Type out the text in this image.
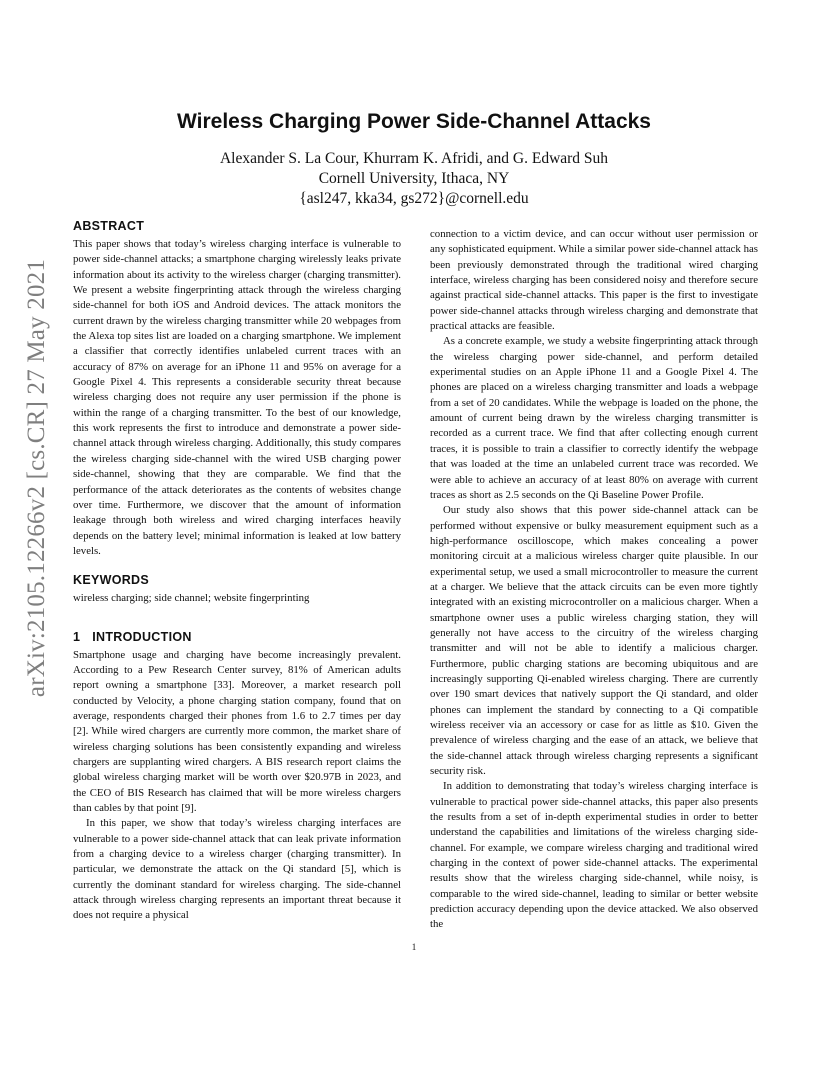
arXiv:2105.12266v2 [cs.CR] 27 May 2021
Wireless Charging Power Side-Channel Attacks
Alexander S. La Cour, Khurram K. Afridi, and G. Edward Suh
Cornell University, Ithaca, NY
{asl247, kka34, gs272}@cornell.edu
ABSTRACT

This paper shows that today’s wireless charging interface is vulnerable to power side-channel attacks; a smartphone charging wirelessly leaks private information about its activity to the wireless charger (charging transmitter). We present a website fingerprinting attack through the wireless charging side-channel for both iOS and Android devices. The attack monitors the current drawn by the wireless charging transmitter while 20 webpages from the Alexa top sites list are loaded on a charging smartphone. We implement a classifier that correctly identifies unlabeled current traces with an accuracy of 87% on average for an iPhone 11 and 95% on average for a Google Pixel 4. This represents a considerable security threat because wireless charging does not require any user permission if the phone is within the range of a charging transmitter. To the best of our knowledge, this work represents the first to introduce and demonstrate a power side-channel attack through wireless charging. Additionally, this study compares the wireless charging side-channel with the wired USB charging power side-channel, showing that they are comparable. We find that the performance of the attack deteriorates as the contents of websites change over time. Furthermore, we discover that the amount of information leakage through both wireless and wired charging interfaces heavily depends on the battery level; minimal information is leaked at low battery levels.

KEYWORDS

wireless charging; side channel; website fingerprinting

1 INTRODUCTION

Smartphone usage and charging have become increasingly prevalent. According to a Pew Research Center survey, 81% of American adults report owning a smartphone [33]. Moreover, a market research poll conducted by Velocity, a phone charging station company, found that on average, respondents charged their phones from 1.6 to 2.7 times per day [2]. While wired chargers are currently more common, the market share of wireless charging solutions has been consistently expanding and wireless chargers are supplanting wired chargers. A BIS research report claims the global wireless charging market will be worth over $20.97B in 2023, and the CEO of BIS Research has claimed that will be more wireless chargers than cables by that point [9].

In this paper, we show that today’s wireless charging interfaces are vulnerable to a power side-channel attack that can leak private information from a charging device to a wireless charger (charging transmitter). In particular, we demonstrate the attack on the Qi standard [5], which is currently the dominant standard for wireless charging. The side-channel attack through wireless charging represents an important threat because it does not require a physical

connection to a victim device, and can occur without user permission or any sophisticated equipment. While a similar power side-channel attack has been previously demonstrated through the traditional wired charging interface, wireless charging has been considered noisy and therefore secure against practical side-channel attacks. This paper is the first to investigate power side-channel attacks through wireless charging and demonstrate that practical attacks are feasible.

As a concrete example, we study a website fingerprinting attack through the wireless charging power side-channel, and perform detailed experimental studies on an Apple iPhone 11 and a Google Pixel 4. The phones are placed on a wireless charging transmitter and loads a webpage from a set of 20 candidates. While the webpage is loaded on the phone, the amount of current being drawn by the wireless charging transmitter is recorded as a current trace. We find that after collecting enough current traces, it is possible to train a classifier to correctly identify the webpage that was loaded at the time an unlabeled current trace was recorded. We were able to achieve an accuracy of at least 80% on average with current traces as short as 2.5 seconds on the Qi Baseline Power Profile.

Our study also shows that this power side-channel attack can be performed without expensive or bulky measurement equipment such as a high-performance oscilloscope, which makes concealing a power monitoring circuit at a malicious wireless charger quite plausible. In our experimental setup, we used a small microcontroller to measure the current at a charger. We believe that the attack circuits can be even more tightly integrated with an existing microcontroller on a malicious charger. When a smartphone owner uses a public wireless charging station, they will generally not have access to the circuitry of the wireless charging transmitter and will not be able to identify a malicious charger. Furthermore, public charging stations are becoming ubiquitous and are increasingly supporting Qi-enabled wireless charging. There are currently over 190 smart devices that natively support the Qi standard, and older phones can implement the standard by connecting to a Qi compatible wireless receiver via an accessory or case for as little as $10. Given the prevalence of wireless charging and the ease of an attack, we believe that the side-channel attack through wireless charging represents a significant security risk.

In addition to demonstrating that today’s wireless charging interface is vulnerable to practical power side-channel attacks, this paper also presents the results from a set of in-depth experimental studies in order to better understand the capabilities and limitations of the wireless charging side-channel. For example, we compare wireless charging and traditional wired charging in the context of power side-channel attacks. The experimental results show that the wireless charging side-channel, while noisy, is comparable to the wired side-channel, leading to similar or better website prediction accuracy depending upon the device attacked. We also observed the

1
